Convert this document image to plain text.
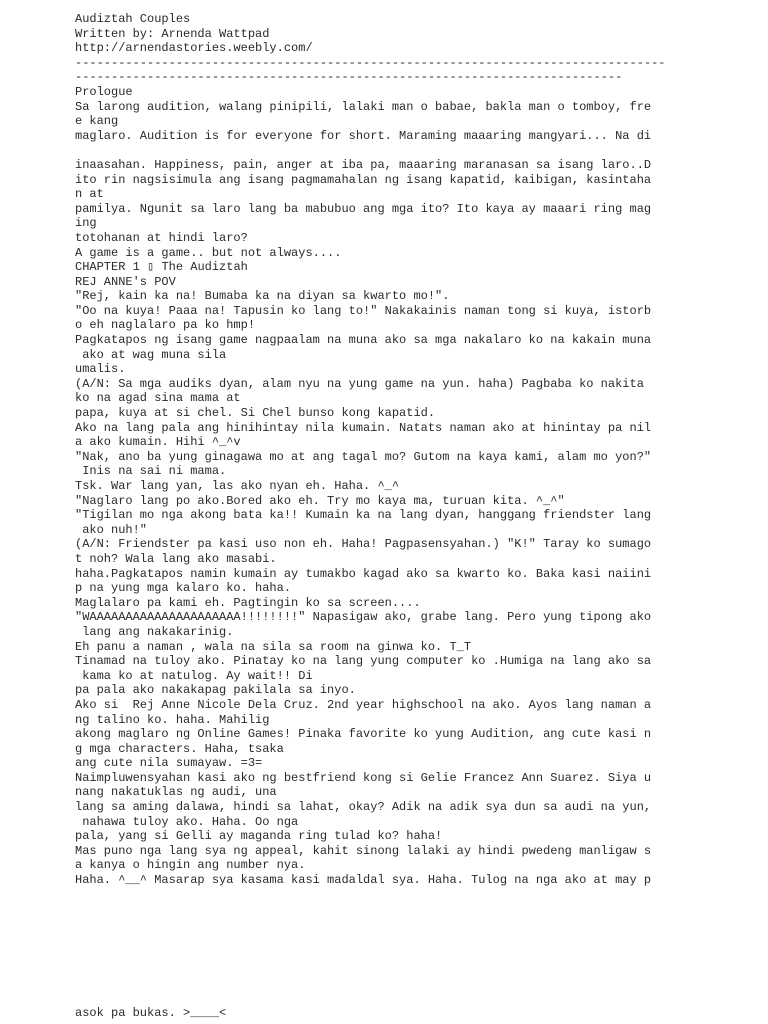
Audiztah Couples
Written by: Arnenda Wattpad
http://arnendastories.weebly.com/
----------------------------------------------------------------------------------
----------------------------------------------------------------------------
Prologue
Sa larong audition, walang pinipili, lalaki man o babae, bakla man o tomboy, fre
e kang
maglaro. Audition is for everyone for short. Maraming maaaring mangyari... Na di
inaasahan. Happiness, pain, anger at iba pa, maaaring maranasan sa isang laro..D
ito rin nagsisimula ang isang pagmamahalan ng isang kapatid, kaibigan, kasintaha
n at
pamilya. Ngunit sa laro lang ba mabubuo ang mga ito? Ito kaya ay maaari ring mag
ing
totohanan at hindi laro?
A game is a game.. but not always....
CHAPTER 1 ▯ The Audiztah
REJ ANNE's POV
"Rej, kain ka na! Bumaba ka na diyan sa kwarto mo!".
"Oo na kuya! Paaa na! Tapusin ko lang to!" Nakakainis naman tong si kuya, istorb
o eh naglalaro pa ko hmp!
Pagkatapos ng isang game nagpaalam na muna ako sa mga nakalaro ko na kakain muna
ako at wag muna sila
umalis.
(A/N: Sa mga audiks dyan, alam nyu na yung game na yun. haha) Pagbaba ko nakita
ko na agad sina mama at
papa, kuya at si chel. Si Chel bunso kong kapatid.
Ako na lang pala ang hinihintay nila kumain. Natats naman ako at hinintay pa nil
a ako kumain. Hihi ^_^v
"Nak, ano ba yung ginagawa mo at ang tagal mo? Gutom na kaya kami, alam mo yon?"
Inis na sai ni mama.
Tsk. War lang yan, las ako nyan eh. Haha. ^_^
"Naglaro lang po ako.Bored ako eh. Try mo kaya ma, turuan kita. ^_^"
"Tigilan mo nga akong bata ka!! Kumain ka na lang dyan, hanggang friendster lang
ako nuh!"
(A/N: Friendster pa kasi uso non eh. Haha! Pagpasensyahan.) "K!" Taray ko sumago
t noh? Wala lang ako masabi.
haha.Pagkatapos namin kumain ay tumakbo kagad ako sa kwarto ko. Baka kasi naiini
p na yung mga kalaro ko. haha.
Maglalaro pa kami eh. Pagtingin ko sa screen....
"WAAAAAAAAAAAAAAAAAAAAA!!!!!!!!" Napasigaw ako, grabe lang. Pero yung tipong ako
lang ang nakakarinig.
Eh panu a naman , wala na sila sa room na ginwa ko. T_T
Tinamad na tuloy ako. Pinatay ko na lang yung computer ko .Humiga na lang ako sa
kama ko at natulog. Ay wait!! Di
pa pala ako nakakapag pakilala sa inyo.
Ako si  Rej Anne Nicole Dela Cruz. 2nd year highschool na ako. Ayos lang naman a
ng talino ko. haha. Mahilig
akong maglaro ng Online Games! Pinaka favorite ko yung Audition, ang cute kasi n
g mga characters. Haha, tsaka
ang cute nila sumayaw. =3=
Naimpluwensyahan kasi ako ng bestfriend kong si Gelie Francez Ann Suarez. Siya u
nang nakatuklas ng audi, una
lang sa aming dalawa, hindi sa lahat, okay? Adik na adik sya dun sa audi na yun,
nahawa tuloy ako. Haha. Oo nga
pala, yang si Gelli ay maganda ring tulad ko? haha!
Mas puno nga lang sya ng appeal, kahit sinong lalaki ay hindi pwedeng manligaw s
a kanya o hingin ang number nya.
Haha. ^__^ Masarap sya kasama kasi madaldal sya. Haha. Tulog na nga ako at may p
asok pa bukas. >____<
